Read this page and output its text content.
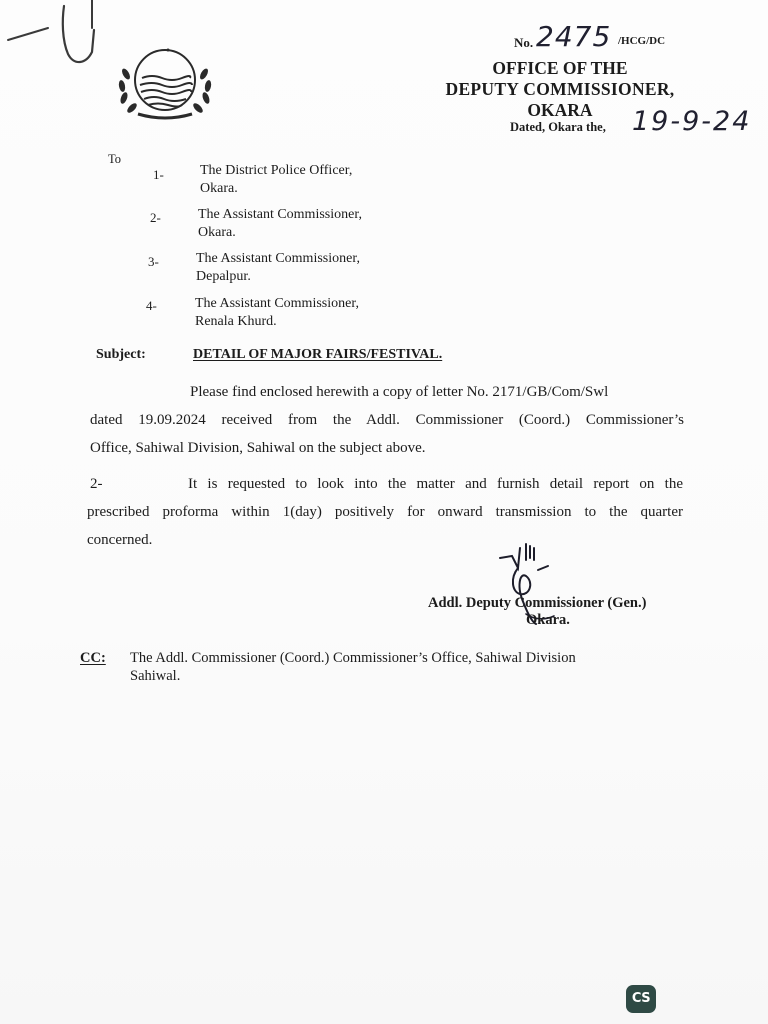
No. 2475 /HCG/DC
OFFICE OF THE
DEPUTY COMMISSIONER,
OKARA
Dated, Okara the, 19-9-24
To
1-	The District Police Officer,
Okara.
2-	The Assistant Commissioner,
Okara.
3-	The Assistant Commissioner,
Depalpur.
4-	The Assistant Commissioner,
Renala Khurd.
Subject:	DETAIL OF MAJOR FAIRS/FESTIVAL.
Please find enclosed herewith a copy of letter No. 2171/GB/Com/Swl
dated 19.09.2024 received from the Addl. Commissioner (Coord.) Commissioner’s
Office, Sahiwal Division, Sahiwal on the subject above.
2-	It is requested to look into the matter and furnish detail report on the
prescribed proforma within 1(day) positively for onward transmission to the quarter
concerned.
Addl. Deputy Commissioner (Gen.)
Okara.
CC: The Addl. Commissioner (Coord.) Commissioner’s Office, Sahiwal Division
Sahiwal.
CS
